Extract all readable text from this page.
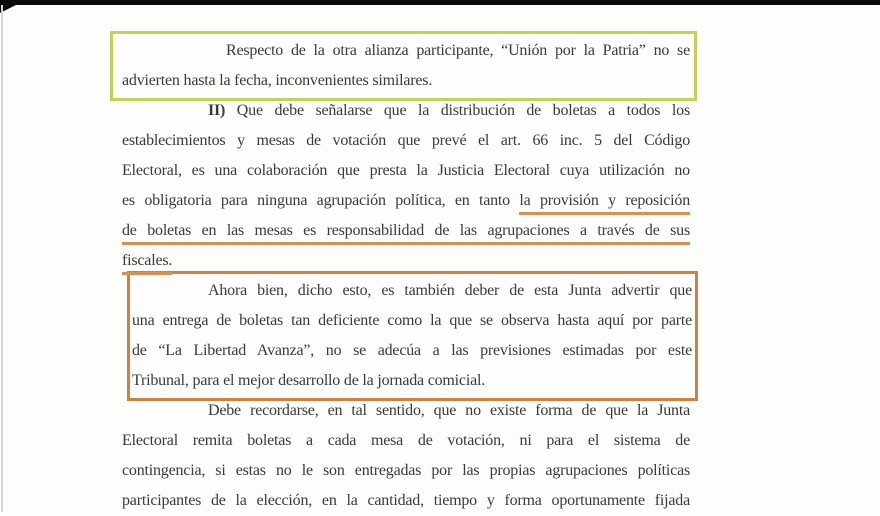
Respecto de la otra alianza participante, “Unión por la Patria” no se
advierten hasta la fecha, inconvenientes similares.
II) Que debe señalarse que la distribución de boletas a todos los
establecimientos y mesas de votación que prevé el art. 66 inc. 5 del Código
Electoral, es una colaboración que presta la Justicia Electoral cuya utilización no
es obligatoria para ninguna agrupación política, en tanto la provisión y reposición
de boletas en las mesas es responsabilidad de las agrupaciones a través de sus
fiscales.
Ahora bien, dicho esto, es también deber de esta Junta advertir que
una entrega de boletas tan deficiente como la que se observa hasta aquí por parte
de “La Libertad Avanza”, no se adecúa a las previsiones estimadas por este
Tribunal, para el mejor desarrollo de la jornada comicial.
Debe recordarse, en tal sentido, que no existe forma de que la Junta
Electoral remita boletas a cada mesa de votación, ni para el sistema de
contingencia, si estas no le son entregadas por las propias agrupaciones políticas
participantes de la elección, en la cantidad, tiempo y forma oportunamente fijada
